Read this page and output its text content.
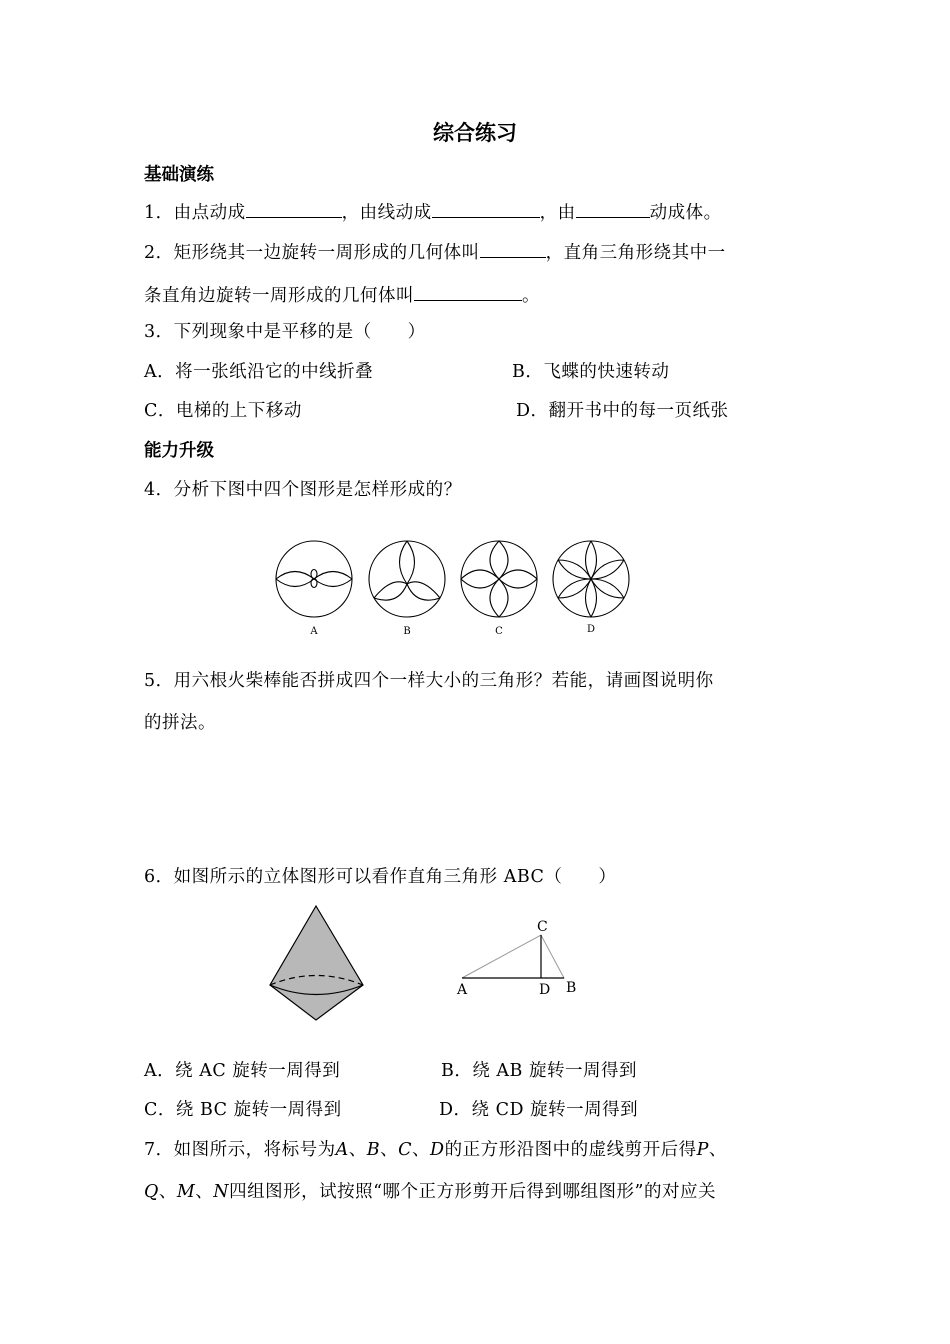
综合练习
基础演练
1．由点动成	，由线动成	，由	动成体。
2．矩形绕其一边旋转一周形成的几何体叫	，直角三角形绕其中一
条直角边旋转一周形成的几何体叫	。
3．下列现象中是平移的是（　　）
A．将一张纸沿它的中线折叠	B．飞蝶的快速转动
C．电梯的上下移动	D．翻开书中的每一页纸张
能力升级
4．分析下图中四个图形是怎样形成的？
A	B	C	D
5．用六根火柴棒能否拼成四个一样大小的三角形？若能，请画图说明你
的拼法。
6．如图所示的立体图形可以看作直角三角形 ABC（　　）
C
A	D B
A．绕 AC 旋转一周得到	B．绕 AB 旋转一周得到
C．绕 BC 旋转一周得到	D．绕 CD 旋转一周得到
7．如图所示，将标号为A、B、C、D的正方形沿图中的虚线剪开后得P、
Q、M、N四组图形，试按照“哪个正方形剪开后得到哪组图形”的对应关
